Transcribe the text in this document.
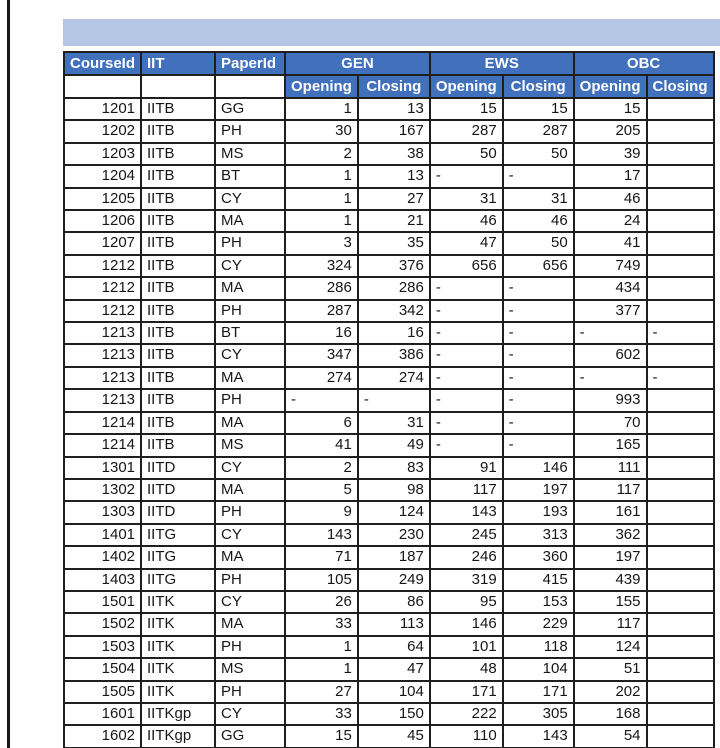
CourseId	IIT	PaperId	GEN		EWS		OBC	
			Opening	Closing	Opening	Closing	Opening	Closing
1201	IITB	GG	1	13	15	15	15	
1202	IITB	PH	30	167	287	287	205	
1203	IITB	MS	2	38	50	50	39	
1204	IITB	BT	1	13	-	-	17	
1205	IITB	CY	1	27	31	31	46	
1206	IITB	MA	1	21	46	46	24	
1207	IITB	PH	3	35	47	50	41	
1212	IITB	CY	324	376	656	656	749	
1212	IITB	MA	286	286	-	-	434	
1212	IITB	PH	287	342	-	-	377	
1213	IITB	BT	16	16	-	-	-	-
1213	IITB	CY	347	386	-	-	602	
1213	IITB	MA	274	274	-	-	-	-
1213	IITB	PH	-	-	-	-	993	
1214	IITB	MA	6	31	-	-	70	
1214	IITB	MS	41	49	-	-	165	
1301	IITD	CY	2	83	91	146	111	
1302	IITD	MA	5	98	117	197	117	
1303	IITD	PH	9	124	143	193	161	
1401	IITG	CY	143	230	245	313	362	
1402	IITG	MA	71	187	246	360	197	
1403	IITG	PH	105	249	319	415	439	
1501	IITK	CY	26	86	95	153	155	
1502	IITK	MA	33	113	146	229	117	
1503	IITK	PH	1	64	101	118	124	
1504	IITK	MS	1	47	48	104	51	
1505	IITK	PH	27	104	171	171	202	
1601	IITKgp	CY	33	150	222	305	168	
1602	IITKgp	GG	15	45	110	143	54	
